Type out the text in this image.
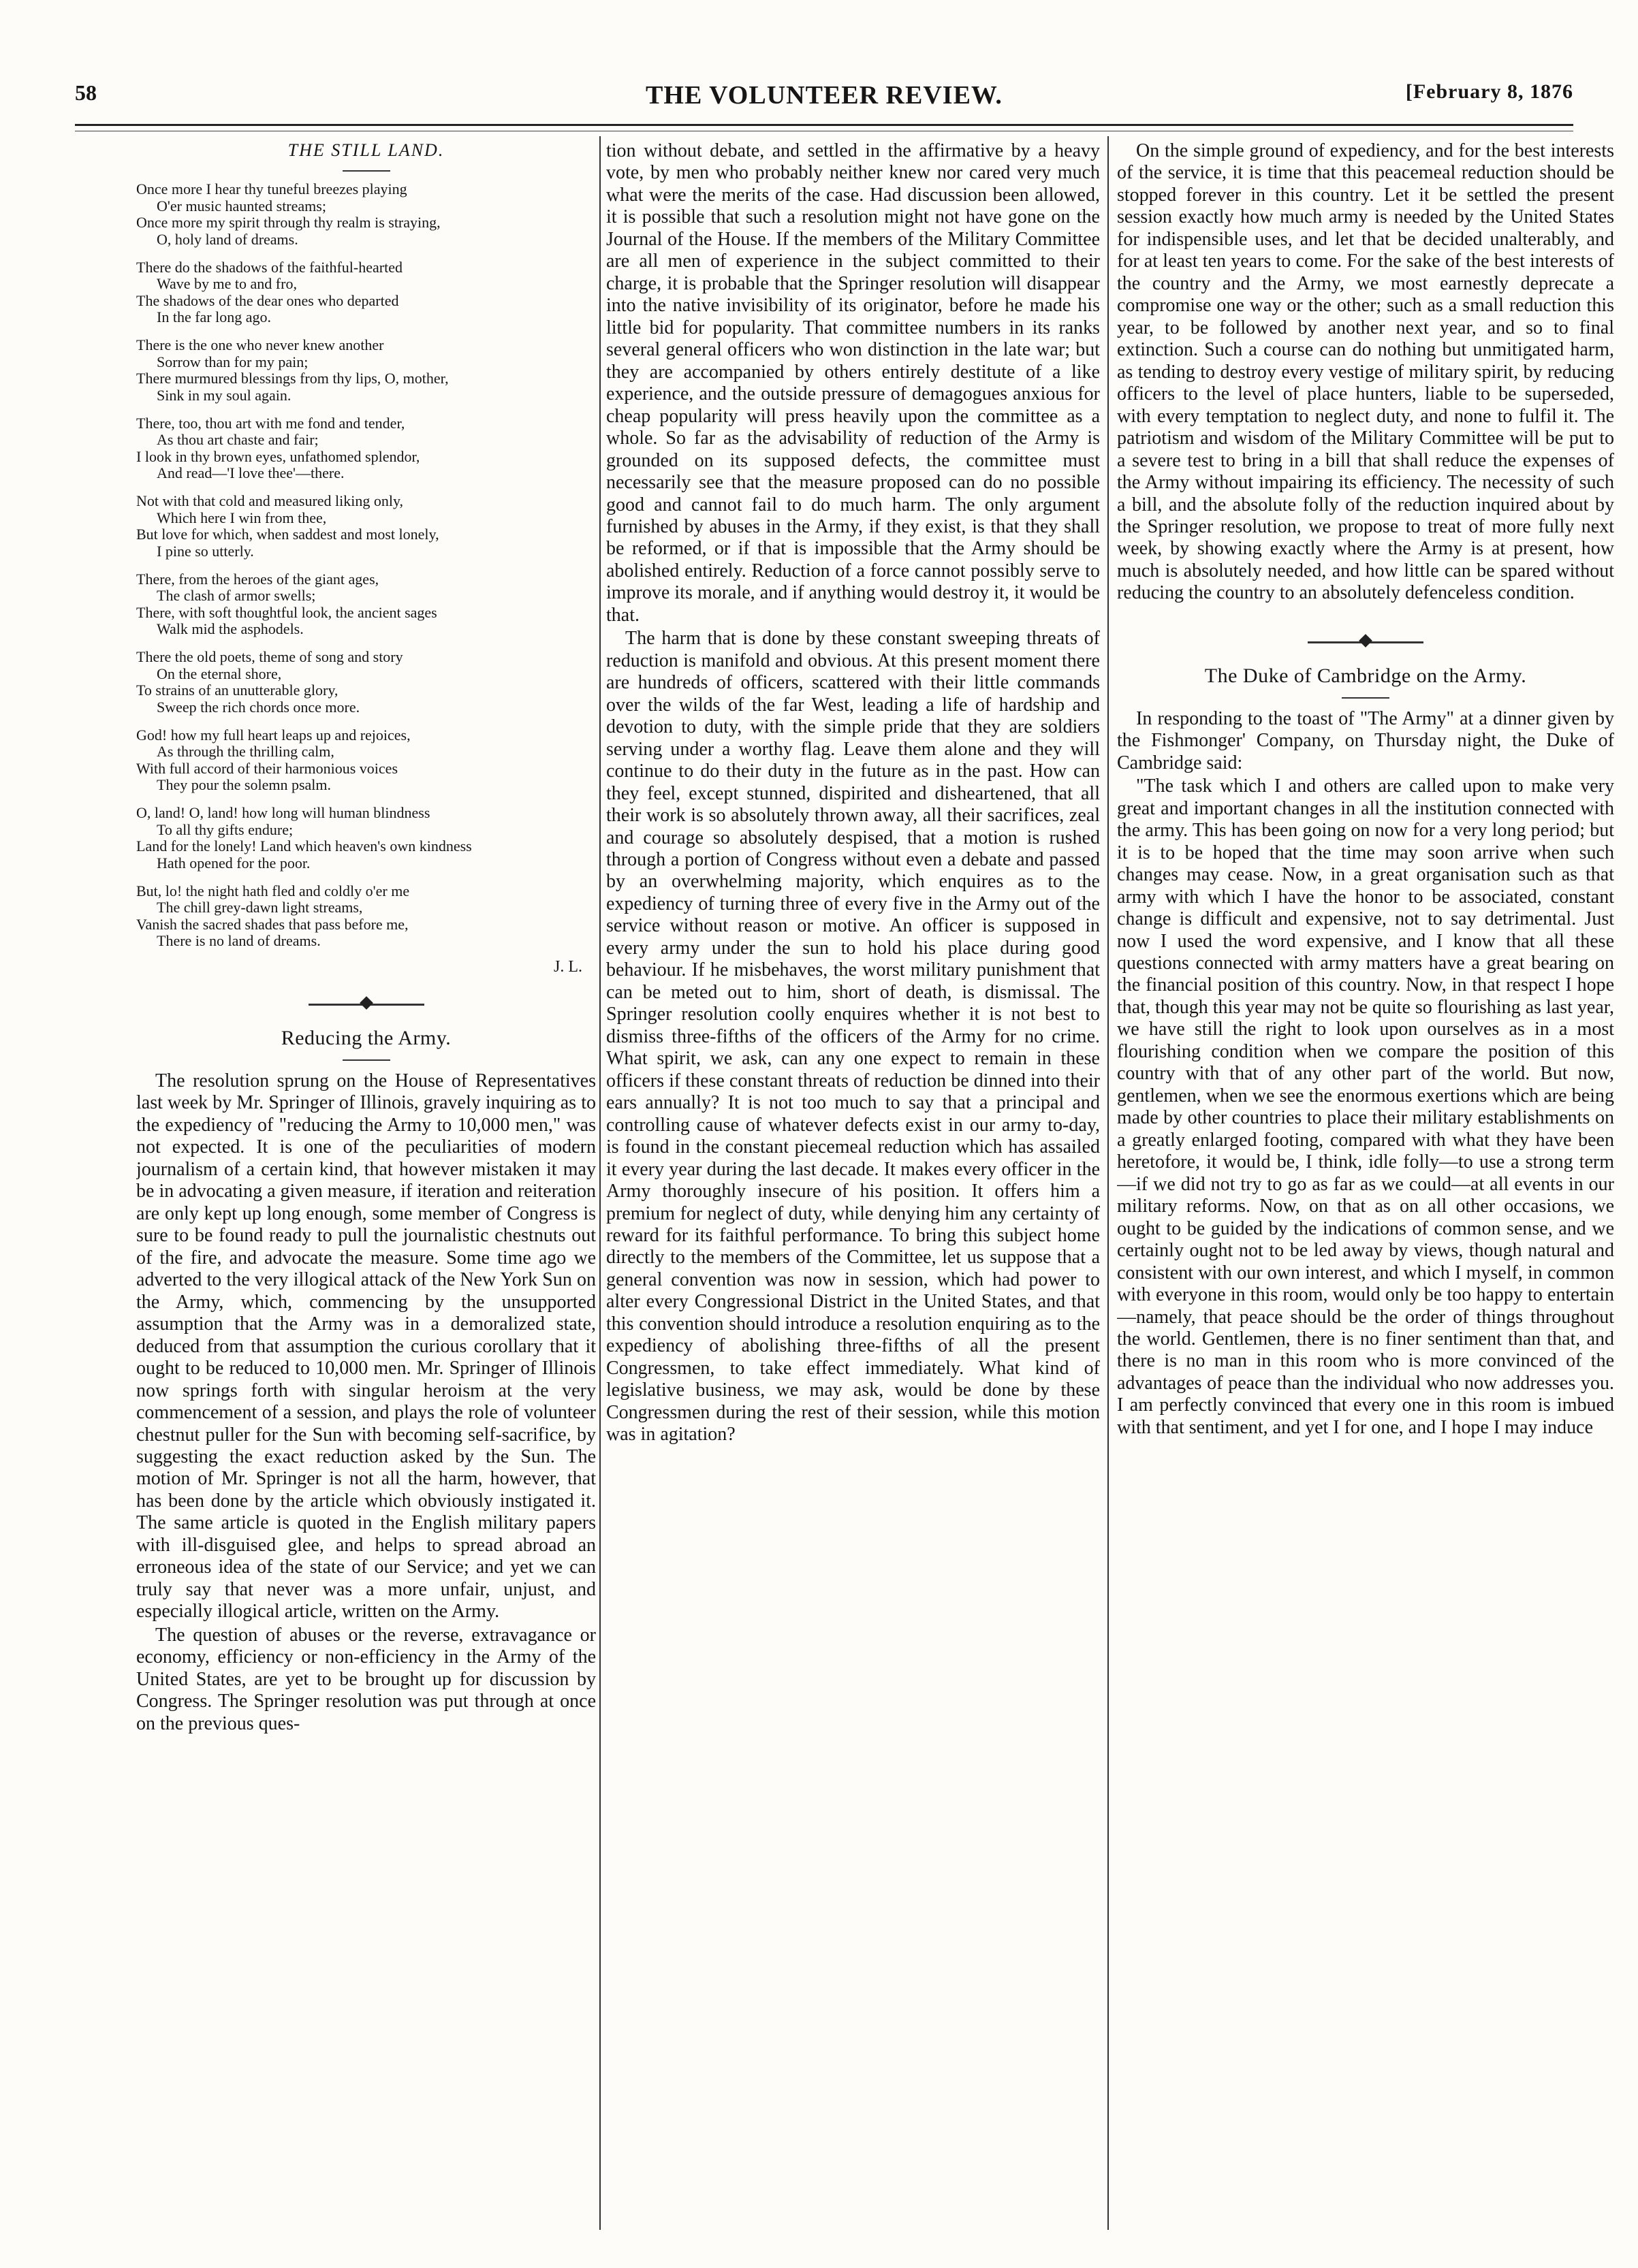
THE VOLUNTEER REVIEW.
58	[February 8, 1876
THE STILL LAND.
Once more I hear thy tuneful breezes playing
O'er music haunted streams;
Once more my spirit through thy realm is straying,
O, holy land of dreams.
There do the shadows of the faithful-hearted
Wave by me to and fro,
The shadows of the dear ones who departed
In the far long ago.
There is the one who never knew another
Sorrow than for my pain;
There murmured blessings from thy lips, O, mother,
Sink in my soul again.
There, too, thou art with me fond and tender,
As thou art chaste and fair;
I look in thy brown eyes, unfathomed splendor,
And read—'I love thee'—there.
Not with that cold and measured liking only,
Which here I win from thee,
But love for which, when saddest and most lonely,
I pine so utterly.
There, from the heroes of the giant ages,
The clash of armor swells;
There, with soft thoughtful look, the ancient sages
Walk mid the asphodels.
There the old poets, theme of song and story
On the eternal shore,
To strains of an unutterable glory,
Sweep the rich chords once more.
God! how my full heart leaps up and rejoices,
As through the thrilling calm,
With full accord of their harmonious voices
They pour the solemn psalm.
O, land! O, land! how long will human blindness
To all thy gifts endure;
Land for the lonely! Land which heaven's own kindness
Hath opened for the poor.
But, lo! the night hath fled and coldly o'er me
The chill grey-dawn light streams,
Vanish the sacred shades that pass before me,
There is no land of dreams.
J. L.
Reducing the Army.

The resolution sprung on the House of Representatives last week by Mr. Springer of Illinois, gravely inquiring as to the expediency of "reducing the Army to 10,000 men," was not expected. It is one of the peculiarities of modern journalism of a certain kind, that however mistaken it may be in advocating a given measure, if iteration and reiteration are only kept up long enough, some member of Congress is sure to be found ready to pull the journalistic chestnuts out of the fire, and advocate the measure. Some time ago we adverted to the very illogical attack of the New York Sun on the Army, which, commencing by the unsupported assumption that the Army was in a demoralized state, deduced from that assumption the curious corollary that it ought to be reduced to 10,000 men. Mr. Springer of Illinois now springs forth with singular heroism at the very commencement of a session, and plays the role of volunteer chestnut puller for the Sun with becoming self-sacrifice, by suggesting the exact reduction asked by the Sun. The motion of Mr. Springer is not all the harm, however, that has been done by the article which obviously instigated it. The same article is quoted in the English military papers with ill-disguised glee, and helps to spread abroad an erroneous idea of the state of our Service; and yet we can truly say that never was a more unfair, unjust, and especially illogical article, written on the Army.

The question of abuses or the reverse, extravagance or economy, efficiency or non-efficiency in the Army of the United States, are yet to be brought up for discussion by Congress. The Springer resolution was put through at once on the previous ques-

tion without debate, and settled in the affirmative by a heavy vote, by men who probably neither knew nor cared very much what were the merits of the case. Had discussion been allowed, it is possible that such a resolution might not have gone on the Journal of the House. If the members of the Military Committee are all men of experience in the subject committed to their charge, it is probable that the Springer resolution will disappear into the native invisibility of its originator, before he made his little bid for popularity. That committee numbers in its ranks several general officers who won distinction in the late war; but they are accompanied by others entirely destitute of a like experience, and the outside pressure of demagogues anxious for cheap popularity will press heavily upon the committee as a whole. So far as the advisability of reduction of the Army is grounded on its supposed defects, the committee must necessarily see that the measure proposed can do no possible good and cannot fail to do much harm. The only argument furnished by abuses in the Army, if they exist, is that they shall be reformed, or if that is impossible that the Army should be abolished entirely. Reduction of a force cannot possibly serve to improve its morale, and if anything would destroy it, it would be that.

The harm that is done by these constant sweeping threats of reduction is manifold and obvious. At this present moment there are hundreds of officers, scattered with their little commands over the wilds of the far West, leading a life of hardship and devotion to duty, with the simple pride that they are soldiers serving under a worthy flag. Leave them alone and they will continue to do their duty in the future as in the past. How can they feel, except stunned, dispirited and disheartened, that all their work is so absolutely thrown away, all their sacrifices, zeal and courage so absolutely despised, that a motion is rushed through a portion of Congress without even a debate and passed by an overwhelming majority, which enquires as to the expediency of turning three of every five in the Army out of the service without reason or motive. An officer is supposed in every army under the sun to hold his place during good behaviour. If he misbehaves, the worst military punishment that can be meted out to him, short of death, is dismissal. The Springer resolution coolly enquires whether it is not best to dismiss three-fifths of the officers of the Army for no crime. What spirit, we ask, can any one expect to remain in these officers if these constant threats of reduction be dinned into their ears annually? It is not too much to say that a principal and controlling cause of whatever defects exist in our army to-day, is found in the constant piecemeal reduction which has assailed it every year during the last decade. It makes every officer in the Army thoroughly insecure of his position. It offers him a premium for neglect of duty, while denying him any certainty of reward for its faithful performance. To bring this subject home directly to the members of the Committee, let us suppose that a general convention was now in session, which had power to alter every Congressional District in the United States, and that this convention should introduce a resolution enquiring as to the expediency of abolishing three-fifths of all the present Congressmen, to take effect immediately. What kind of legislative business, we may ask, would be done by these Congressmen during the rest of their session, while this motion was in agitation?

On the simple ground of expediency, and for the best interests of the service, it is time that this peacemeal reduction should be stopped forever in this country. Let it be settled the present session exactly how much army is needed by the United States for indispensible uses, and let that be decided unalterably, and for at least ten years to come. For the sake of the best interests of the country and the Army, we most earnestly deprecate a compromise one way or the other; such as a small reduction this year, to be followed by another next year, and so to final extinction. Such a course can do nothing but unmitigated harm, as tending to destroy every vestige of military spirit, by reducing officers to the level of place hunters, liable to be superseded, with every temptation to neglect duty, and none to fulfil it. The patriotism and wisdom of the Military Committee will be put to a severe test to bring in a bill that shall reduce the expenses of the Army without impairing its efficiency. The necessity of such a bill, and the absolute folly of the reduction inquired about by the Springer resolution, we propose to treat of more fully next week, by showing exactly where the Army is at present, how much is absolutely needed, and how little can be spared without reducing the country to an absolutely defenceless condition.

The Duke of Cambridge on the Army.

In responding to the toast of "The Army" at a dinner given by the Fishmonger' Company, on Thursday night, the Duke of Cambridge said:

"The task which I and others are called upon to make very great and important changes in all the institution connected with the army. This has been going on now for a very long period; but it is to be hoped that the time may soon arrive when such changes may cease. Now, in a great organisation such as that army with which I have the honor to be associated, constant change is difficult and expensive, not to say detrimental. Just now I used the word expensive, and I know that all these questions connected with army matters have a great bearing on the financial position of this country. Now, in that respect I hope that, though this year may not be quite so flourishing as last year, we have still the right to look upon ourselves as in a most flourishing condition when we compare the position of this country with that of any other part of the world. But now, gentlemen, when we see the enormous exertions which are being made by other countries to place their military establishments on a greatly enlarged footing, compared with what they have been heretofore, it would be, I think, idle folly—to use a strong term—if we did not try to go as far as we could—at all events in our military reforms. Now, on that as on all other occasions, we ought to be guided by the indications of common sense, and we certainly ought not to be led away by views, though natural and consistent with our own interest, and which I myself, in common with everyone in this room, would only be too happy to entertain—namely, that peace should be the order of things throughout the world. Gentlemen, there is no finer sentiment than that, and there is no man in this room who is more convinced of the advantages of peace than the individual who now addresses you. I am perfectly convinced that every one in this room is imbued with that sentiment, and yet I for one, and I hope I may induce
